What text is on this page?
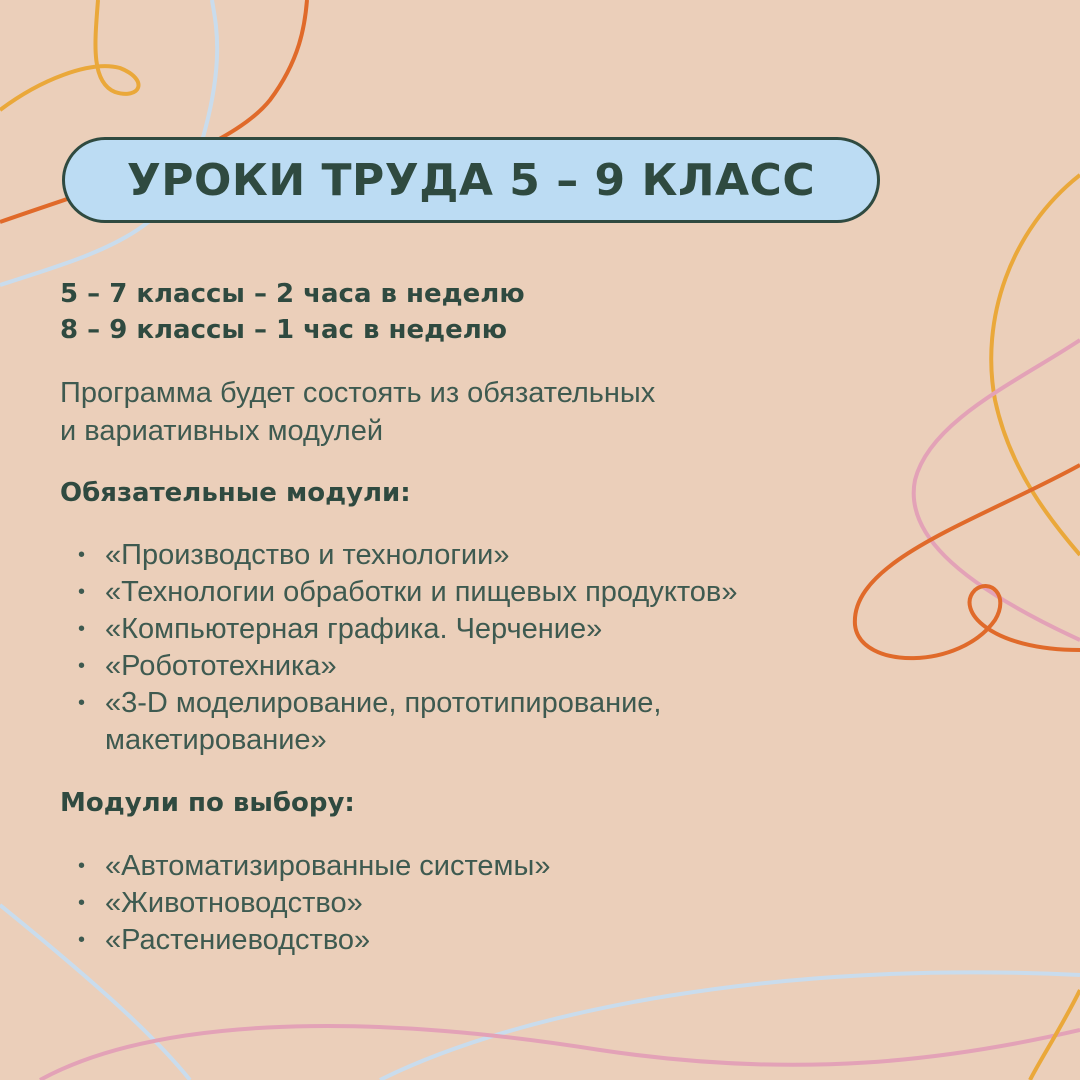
УРОКИ ТРУДА 5 – 9 КЛАСС
5 – 7 классы – 2 часа в неделю
8 – 9 классы – 1 час в неделю
Программа будет состоять из обязательных
и вариативных модулей
Обязательные модули:
• «Производство и технологии»
• «Технологии обработки и пищевых продуктов»
• «Компьютерная графика. Черчение»
• «Робототехника»
• «3-D моделирование, прототипирование,
макетирование»
Модули по выбору:
• «Автоматизированные системы»
• «Животноводство»
• «Растениеводство»
